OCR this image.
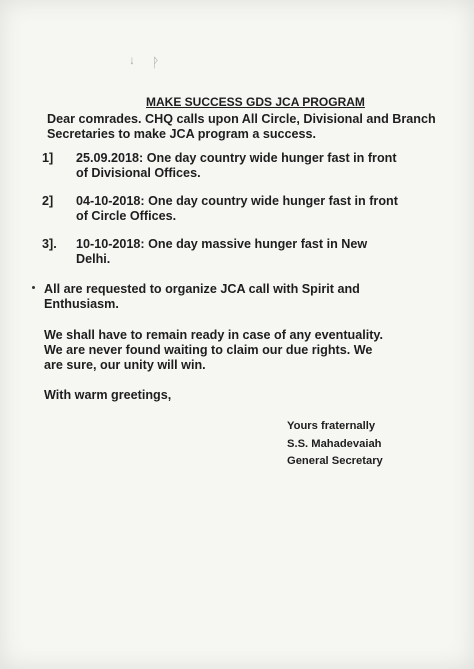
ᛍ ᚹ
MAKE SUCCESS GDS JCA PROGRAM
Dear comrades. CHQ calls upon All Circle, Divisional and Branch
Secretaries to make JCA program a success.
1] 25.09.2018: One day country wide hunger fast in front
of Divisional Offices.
2] 04-10-2018: One day country wide hunger fast in front
of Circle Offices.
3]. 10-10-2018: One day massive hunger fast in New
Delhi.
All are requested to organize JCA call with Spirit and
Enthusiasm.
We shall have to remain ready in case of any eventuality.
We are never found waiting to claim our due rights. We
are sure, our unity will win.
With warm greetings,
Yours fraternally
S.S. Mahadevaiah
General Secretary
